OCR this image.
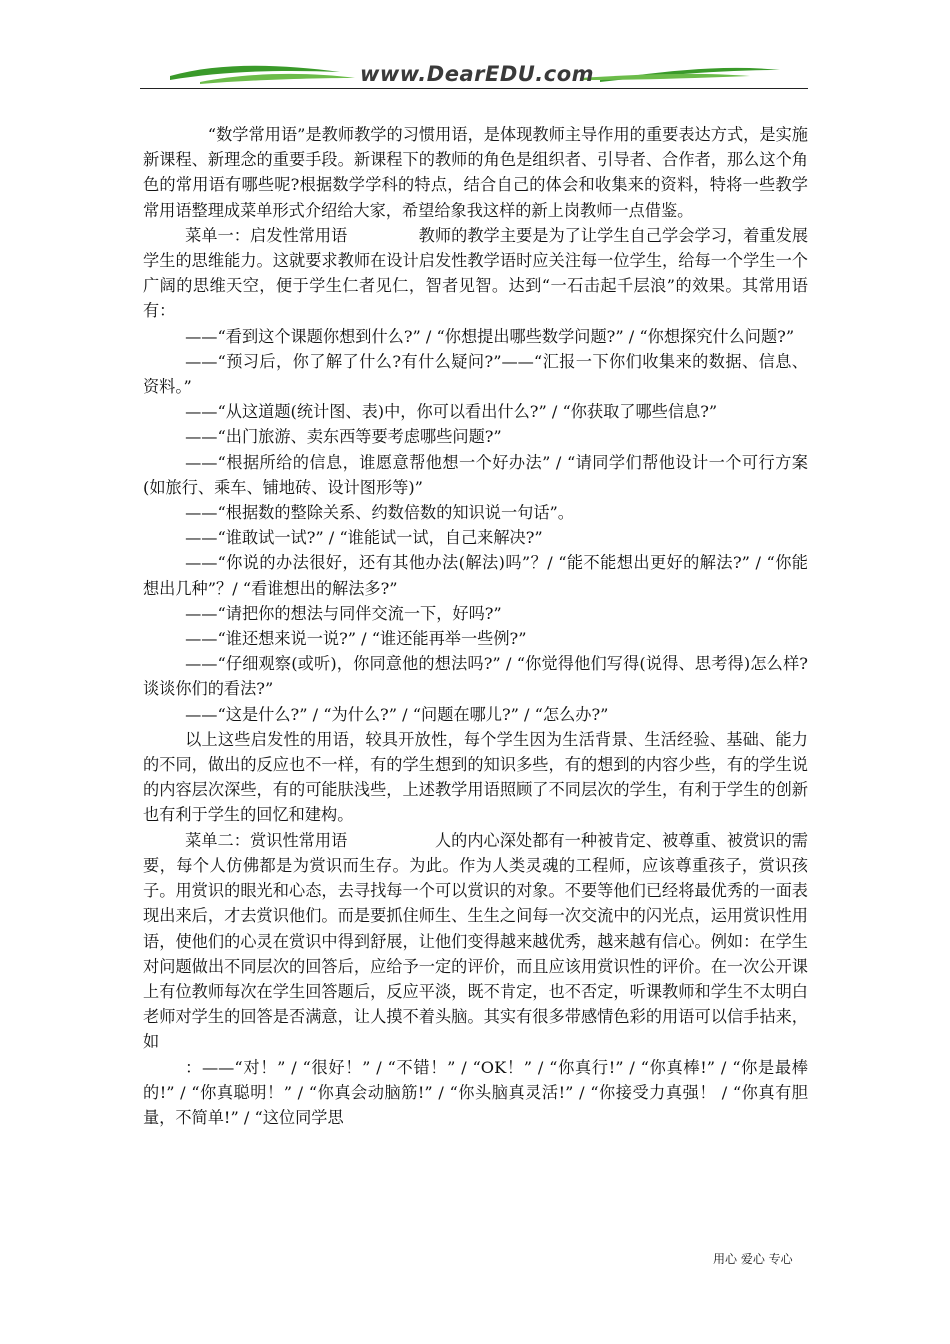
www.DearEDU.com

“数学常用语”是教师教学的习惯用语，是体现教师主导作用的重要表达方式，是实施新课程、新理念的重要手段。新课程下的教师的角色是组织者、引导者、合作者，那么这个角色的常用语有哪些呢?根据数学学科的特点，结合自己的体会和收集来的资料，特将一些教学常用语整理成菜单形式介绍给大家，希望给象我这样的新上岗教师一点借鉴。

菜单一：启发性常用语	教师的教学主要是为了让学生自己学会学习，着重发展学生的思维能力。这就要求教师在设计启发性教学语时应关注每一位学生，给每一个学生一个广阔的思维天空，便于学生仁者见仁，智者见智。达到“一石击起千层浪”的效果。其常用语有：

——“看到这个课题你想到什么?” / “你想提出哪些数学问题?” / “你想探究什么问题?”

——“预习后，你了解了什么?有什么疑问?”——“汇报一下你们收集来的数据、信息、资料。”

——“从这道题(统计图、表)中，你可以看出什么?” / “你获取了哪些信息?”

——“出门旅游、卖东西等要考虑哪些问题?”

——“根据所给的信息，谁愿意帮他想一个好办法” / “请同学们帮他设计一个可行方案(如旅行、乘车、铺地砖、设计图形等)”

——“根据数的整除关系、约数倍数的知识说一句话”。

——“谁敢试一试?” / “谁能试一试，自己来解决?”

——“你说的办法很好，还有其他办法(解法)吗”？/ “能不能想出更好的解法?” / “你能想出几种”？/ “看谁想出的解法多?”

——“请把你的想法与同伴交流一下，好吗?”

——“谁还想来说一说?” / “谁还能再举一些例?”

——“仔细观察(或听)，你同意他的想法吗?” / “你觉得他们写得(说得、思考得)怎么样?谈谈你们的看法?”

——“这是什么?” / “为什么?” / “问题在哪儿?” / “怎么办?”

以上这些启发性的用语，较具开放性，每个学生因为生活背景、生活经验、基础、能力的不同，做出的反应也不一样，有的学生想到的知识多些，有的想到的内容少些，有的学生说的内容层次深些，有的可能肤浅些，上述教学用语照顾了不同层次的学生，有利于学生的创新也有利于学生的回忆和建构。

菜单二：赏识性常用语	人的内心深处都有一种被肯定、被尊重、被赏识的需要，每个人仿佛都是为赏识而生存。为此。作为人类灵魂的工程师，应该尊重孩子，赏识孩子。用赏识的眼光和心态，去寻找每一个可以赏识的对象。不要等他们已经将最优秀的一面表现出来后，才去赏识他们。而是要抓住师生、生生之间每一次交流中的闪光点，运用赏识性用语，使他们的心灵在赏识中得到舒展，让他们变得越来越优秀，越来越有信心。例如：在学生对问题做出不同层次的回答后，应给予一定的评价，而且应该用赏识性的评价。在一次公开课上有位教师每次在学生回答题后，反应平淡，既不肯定，也不否定，听课教师和学生不太明白老师对学生的回答是否满意，让人摸不着头脑。其实有很多带感情色彩的用语可以信手拈来，如

：——“对！” / “很好！” / “不错！” / “OK！” / “你真行!” / “你真棒!” / “你是最棒的!” / “你真聪明！” / “你真会动脑筋!” / “你头脑真灵活!” / “你接受力真强！ / “你真有胆量，不简单!” / “这位同学思

用心 爱心 专心
